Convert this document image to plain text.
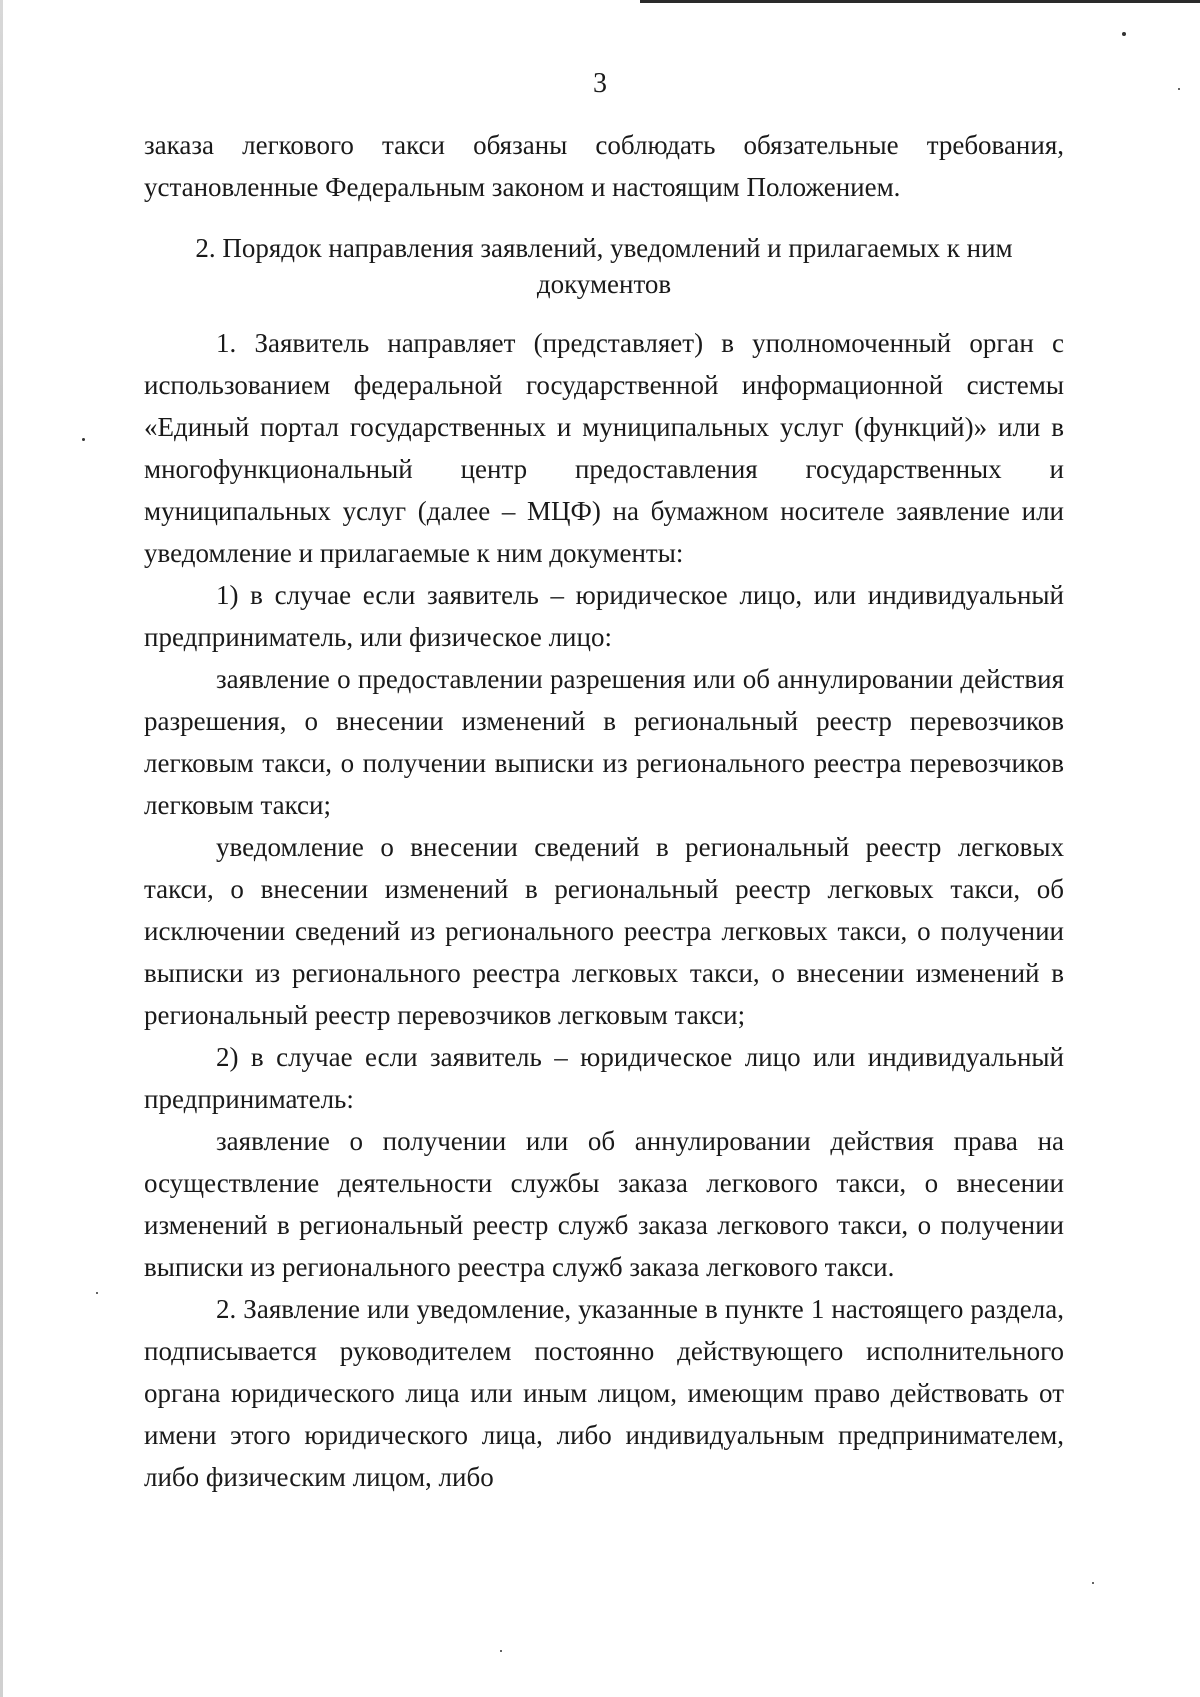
3

заказа легкового такси обязаны соблюдать обязательные требования, установленные Федеральным законом и настоящим Положением.

2. Порядок направления заявлений, уведомлений и прилагаемых к ним документов

1. Заявитель направляет (представляет) в уполномоченный орган с использованием федеральной государственной информационной системы «Единый портал государственных и муниципальных услуг (функций)» или в многофункциональный центр предоставления государственных и муниципальных услуг (далее – МЦФ) на бумажном носителе заявление или уведомление и прилагаемые к ним документы:

1) в случае если заявитель – юридическое лицо, или индивидуальный предприниматель, или физическое лицо:

заявление о предоставлении разрешения или об аннулировании действия разрешения, о внесении изменений в региональный реестр перевозчиков легковым такси, о получении выписки из регионального реестра перевозчиков легковым такси;

уведомление о внесении сведений в региональный реестр легковых такси, о внесении изменений в региональный реестр легковых такси, об исключении сведений из регионального реестра легковых такси, о получении выписки из регионального реестра легковых такси, о внесении изменений в региональный реестр перевозчиков легковым такси;

2) в случае если заявитель – юридическое лицо или индивидуальный предприниматель:

заявление о получении или об аннулировании действия права на осуществление деятельности службы заказа легкового такси, о внесении изменений в региональный реестр служб заказа легкового такси, о получении выписки из регионального реестра служб заказа легкового такси.

2. Заявление или уведомление, указанные в пункте 1 настоящего раздела, подписывается руководителем постоянно действующего исполнительного органа юридического лица или иным лицом, имеющим право действовать от имени этого юридического лица, либо индивидуальным предпринимателем, либо физическим лицом, либо
